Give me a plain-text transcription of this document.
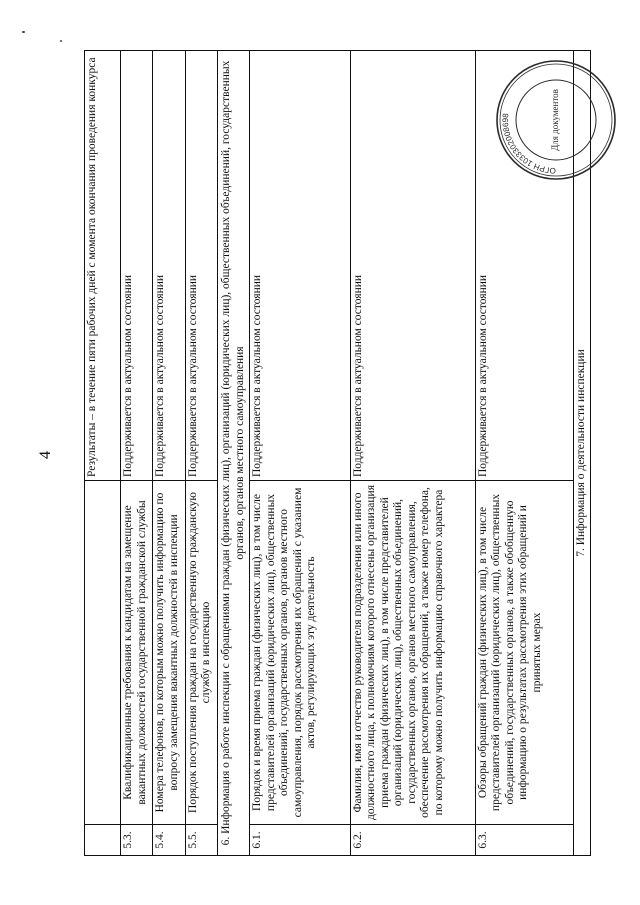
4
			Результаты – в течение пяти рабочих дней с момента окончания проведения конкурса
5.3.	Квалификационные требования к кандидатам на замещение вакантных должностей государственной гражданской службы	Поддерживается в актуальном состоянии
5.4.	Номера телефонов, по которым можно получить информацию по вопросу замещения вакантных должностей в инспекции	Поддерживается в актуальном состоянии
5.5.	Порядок поступления граждан на государственную гражданскую службу в инспекцию	Поддерживается в актуальном состоянии
6. Информация о работе инспекции с обращениями граждан (физических лиц), организаций (юридических лиц), общественных объединений, государственных органов, органов местного самоуправления		
6.1.	Порядок и время приема граждан (физических лиц), в том числе представителей организаций (юридических лиц), общественных объединений, государственных органов, органов местного самоуправления, порядок рассмотрения их обращений с указанием актов, регулирующих эту деятельность	Поддерживается в актуальном состоянии
6.2.	Фамилия, имя и отчество руководителя подразделения или иного должностного лица, к полномочиям которого отнесены организация приема граждан (физических лиц), в том числе представителей организаций (юридических лиц), общественных объединений, государственных органов, органов местного самоуправления, обеспечение рассмотрения их обращений, а также номер телефона, по которому можно получить информацию справочного характера	Поддерживается в актуальном состоянии
6.3.	Обзоры обращений граждан (физических лиц), в том числе представителей организаций (юридических лиц), общественных объединений, государственных органов, а также обобщенную информацию о результатах рассмотрения этих обращений и принятых мерах	Поддерживается в актуальном состоянии
7. Информация о деятельности инспекции		
ОГРН 1033302008698	Для документов
